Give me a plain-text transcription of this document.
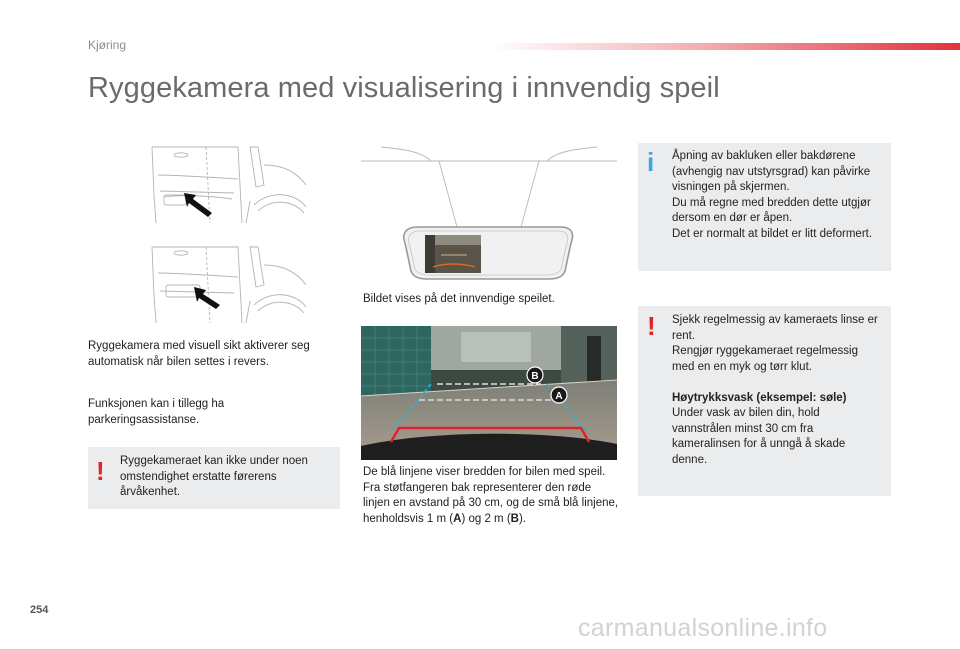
Kjøring
Ryggekamera med visualisering i innvendig speil
Ryggekamera med visuell sikt aktiverer seg automatisk når bilen settes i revers.
Funksjonen kan i tillegg ha parkeringsassistanse.
! Ryggekameraet kan ikke under noen omstendighet erstatte førerens årvåkenhet.
Bildet vises på det innvendige speilet.
B
A
De blå linjene viser bredden for bilen med speil. Fra støtfangeren bak representerer den røde linjen en avstand på 30 cm, og de små blå linjene, henholdsvis 1 m (A) og 2 m (B).
i Åpning av bakluken eller bakdørene (avhengig nav utstyrsgrad) kan påvirke visningen på skjermen.
Du må regne med bredden dette utgjør dersom en dør er åpen.
Det er normalt at bildet er litt deformert.
! Sjekk regelmessig av kameraets linse er rent.
Rengjør ryggekameraet regelmessig med en en myk og tørr klut.
Høytrykksvask (eksempel: søle)
Under vask av bilen din, hold vannstrålen minst 30 cm fra kameralinsen for å unngå å skade denne.
254
carmanualsonline.info
